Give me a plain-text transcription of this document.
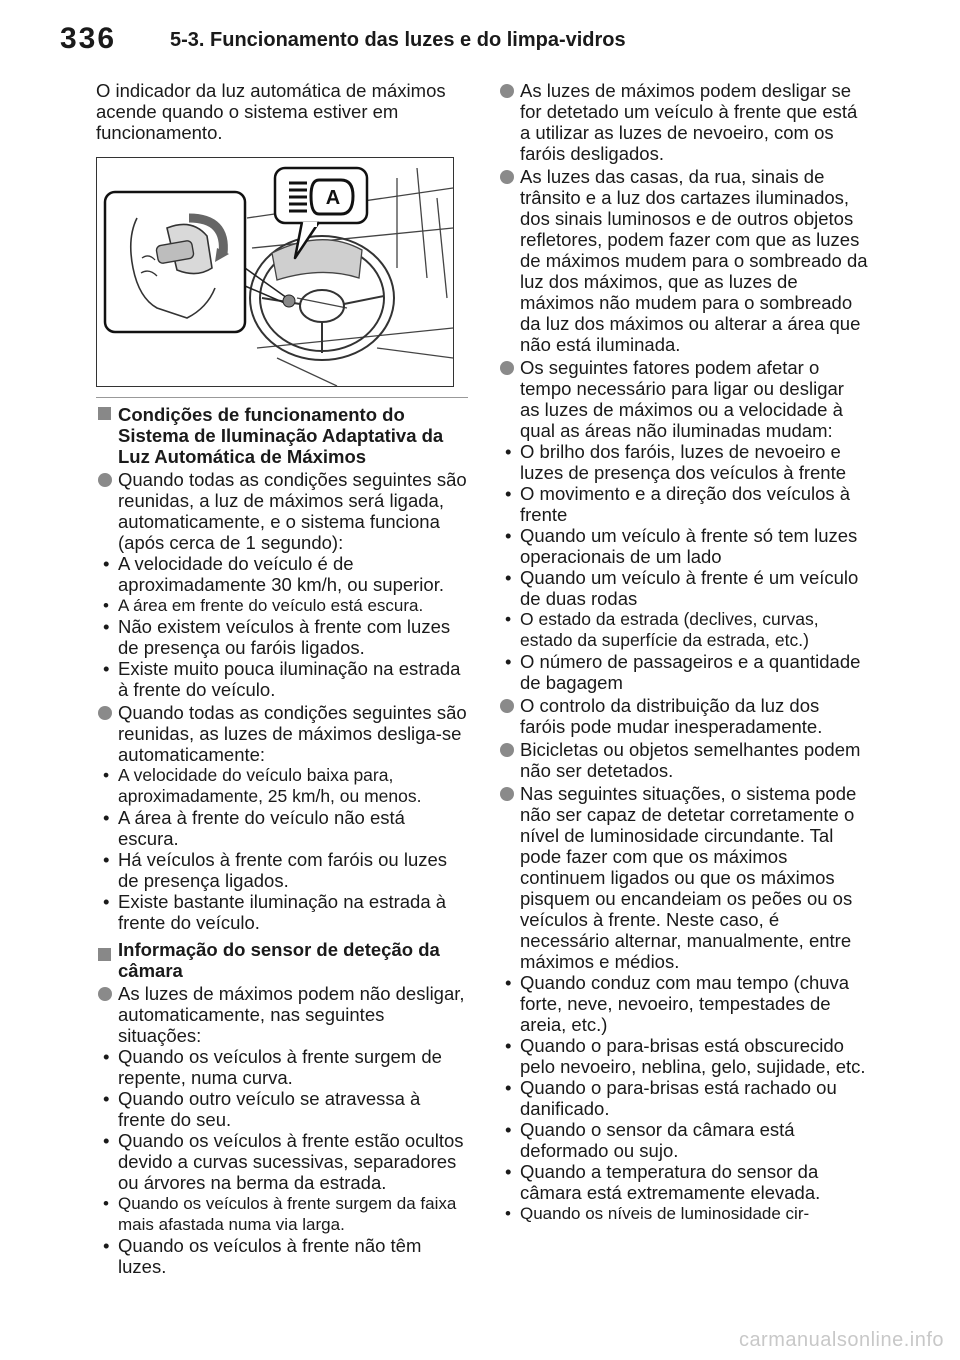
336	5-3. Funcionamento das luzes e do limpa-vidros

O indicador da luz automática de máximos acende quando o sistema estiver em funcionamento.

A
Condições de funcionamento do Sistema de Iluminação Adaptativa da Luz Automática de Máximos
Quando todas as condições seguintes são reunidas, a luz de máximos será ligada, automaticamente, e o sistema funciona (após cerca de 1 segundo):
• A velocidade do veículo é de aproximadamente 30 km/h, ou superior.
• A área em frente do veículo está escura.
• Não existem veículos à frente com luzes de presença ou faróis ligados.
• Existe muito pouca iluminação na estrada à frente do veículo.
Quando todas as condições seguintes são reunidas, as luzes de máximos desliga-se automaticamente:
• A velocidade do veículo baixa para, aproximadamente, 25 km/h, ou menos.
• A área à frente do veículo não está escura.
• Há veículos à frente com faróis ou luzes de presença ligados.
• Existe bastante iluminação na estrada à frente do veículo.
Informação do sensor de deteção da câmara
As luzes de máximos podem não desligar, automaticamente, nas seguintes situações:
• Quando os veículos à frente surgem de repente, numa curva.
• Quando outro veículo se atravessa à frente do seu.
• Quando os veículos à frente estão ocultos devido a curvas sucessivas, separadores ou árvores na berma da estrada.
• Quando os veículos à frente surgem da faixa mais afastada numa via larga.
• Quando os veículos à frente não têm luzes.
As luzes de máximos podem desligar se for detetado um veículo à frente que está a utilizar as luzes de nevoeiro, com os faróis desligados.
As luzes das casas, da rua, sinais de trânsito e a luz dos cartazes iluminados, dos sinais luminosos e de outros objetos refletores, podem fazer com que as luzes de máximos mudem para o sombreado da luz dos máximos, que as luzes de máximos não mudem para o sombreado da luz dos máximos ou alterar a área que não está iluminada.
Os seguintes fatores podem afetar o tempo necessário para ligar ou desligar as luzes de máximos ou a velocidade à qual as áreas não iluminadas mudam:
• O brilho dos faróis, luzes de nevoeiro e luzes de presença dos veículos à frente
• O movimento e a direção dos veículos à frente
• Quando um veículo à frente só tem luzes operacionais de um lado
• Quando um veículo à frente é um veículo de duas rodas
• O estado da estrada (declives, curvas, estado da superfície da estrada, etc.)
• O número de passageiros e a quantidade de bagagem
O controlo da distribuição da luz dos faróis pode mudar inesperadamente.
Bicicletas ou objetos semelhantes podem não ser detetados.
Nas seguintes situações, o sistema pode não ser capaz de detetar corretamente o nível de luminosidade circundante. Tal pode fazer com que os máximos continuem ligados ou que os máximos pisquem ou encandeiam os peões ou os veículos à frente. Neste caso, é necessário alternar, manualmente, entre máximos e médios.
• Quando conduz com mau tempo (chuva forte, neve, nevoeiro, tempestades de areia, etc.)
• Quando o para-brisas está obscurecido pelo nevoeiro, neblina, gelo, sujidade, etc.
• Quando o para-brisas está rachado ou danificado.
• Quando o sensor da câmara está deformado ou sujo.
• Quando a temperatura do sensor da câmara está extremamente elevada.
• Quando os níveis de luminosidade cir-
carmanualsonline.info
